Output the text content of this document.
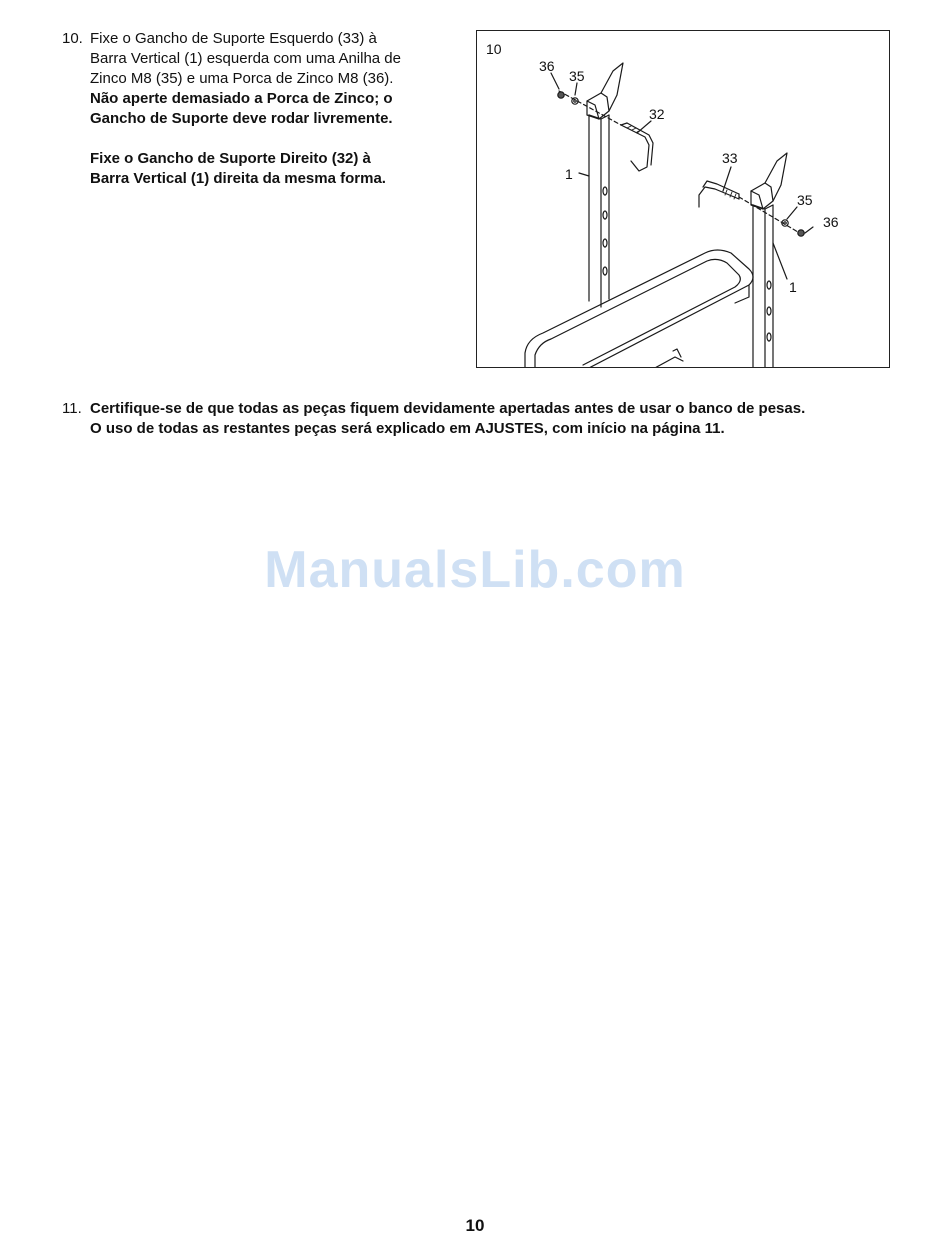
10. Fixe o Gancho de Suporte Esquerdo (33) à

Barra Vertical (1) esquerda com uma Anilha de

Zinco M8 (35) e uma Porca de Zinco M8 (36).

Não aperte demasiado a Porca de Zinco; o

Gancho de Suporte deve rodar livremente.

Fixe o Gancho de Suporte Direito (32) à

Barra Vertical (1) direita da mesma forma.

10
36
35
32
1
33
35
36
1
11. Certifique-se de que todas as peças fiquem devidamente apertadas antes de usar o banco de pesas.

O uso de todas as restantes peças será explicado em AJUSTES, com início na página 11.

ManualsLib.com
10
